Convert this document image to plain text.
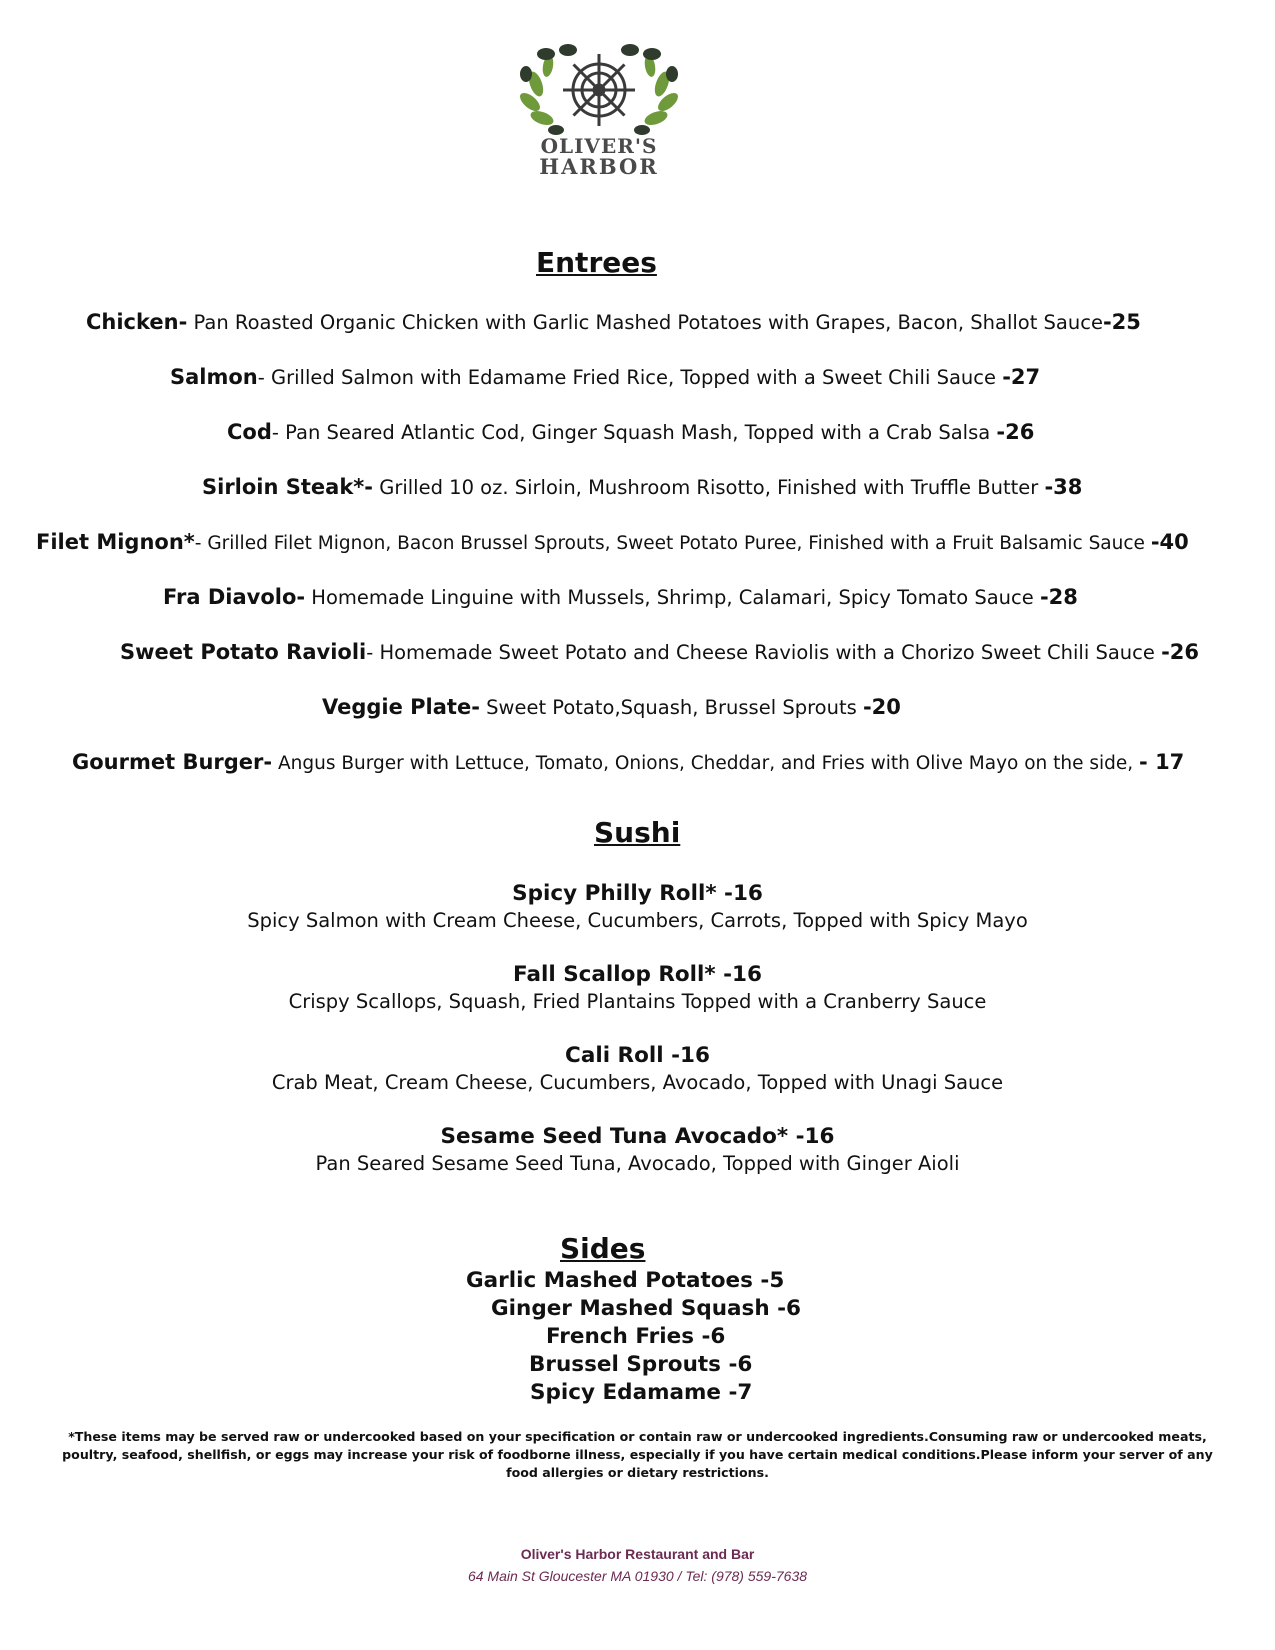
OLIVER'S
HARBOR
Entrees
Chicken- Pan Roasted Organic Chicken with Garlic Mashed Potatoes with Grapes, Bacon, Shallot Sauce-25
Salmon- Grilled Salmon with Edamame Fried Rice, Topped with a Sweet Chili Sauce -27
Cod- Pan Seared Atlantic Cod, Ginger Squash Mash, Topped with a Crab Salsa -26
Sirloin Steak*- Grilled 10 oz. Sirloin, Mushroom Risotto, Finished with Truffle Butter -38
Filet Mignon*- Grilled Filet Mignon, Bacon Brussel Sprouts, Sweet Potato Puree, Finished with a Fruit Balsamic Sauce -40
Fra Diavolo- Homemade Linguine with Mussels, Shrimp, Calamari, Spicy Tomato Sauce -28
Sweet Potato Ravioli- Homemade Sweet Potato and Cheese Raviolis with a Chorizo Sweet Chili Sauce -26
Veggie Plate- Sweet Potato,Squash, Brussel Sprouts -20
Gourmet Burger- Angus Burger with Lettuce, Tomato, Onions, Cheddar, and Fries with Olive Mayo on the side, - 17
Sushi
Spicy Philly Roll* -16
Spicy Salmon with Cream Cheese, Cucumbers, Carrots, Topped with Spicy Mayo
Fall Scallop Roll* -16
Crispy Scallops, Squash, Fried Plantains Topped with a Cranberry Sauce
Cali Roll -16
Crab Meat, Cream Cheese, Cucumbers, Avocado, Topped with Unagi Sauce
Sesame Seed Tuna Avocado* -16
Pan Seared Sesame Seed Tuna, Avocado, Topped with Ginger Aioli
Sides
Garlic Mashed Potatoes -5
Ginger Mashed Squash -6
French Fries -6
Brussel Sprouts -6
Spicy Edamame -7
*These items may be served raw or undercooked based on your specification or contain raw or undercooked ingredients.Consuming raw or undercooked meats,
poultry, seafood, shellfish, or eggs may increase your risk of foodborne illness, especially if you have certain medical conditions.Please inform your server of any
food allergies or dietary restrictions.
Oliver's Harbor Restaurant and Bar
64 Main St Gloucester MA 01930 / Tel: (978) 559-7638
